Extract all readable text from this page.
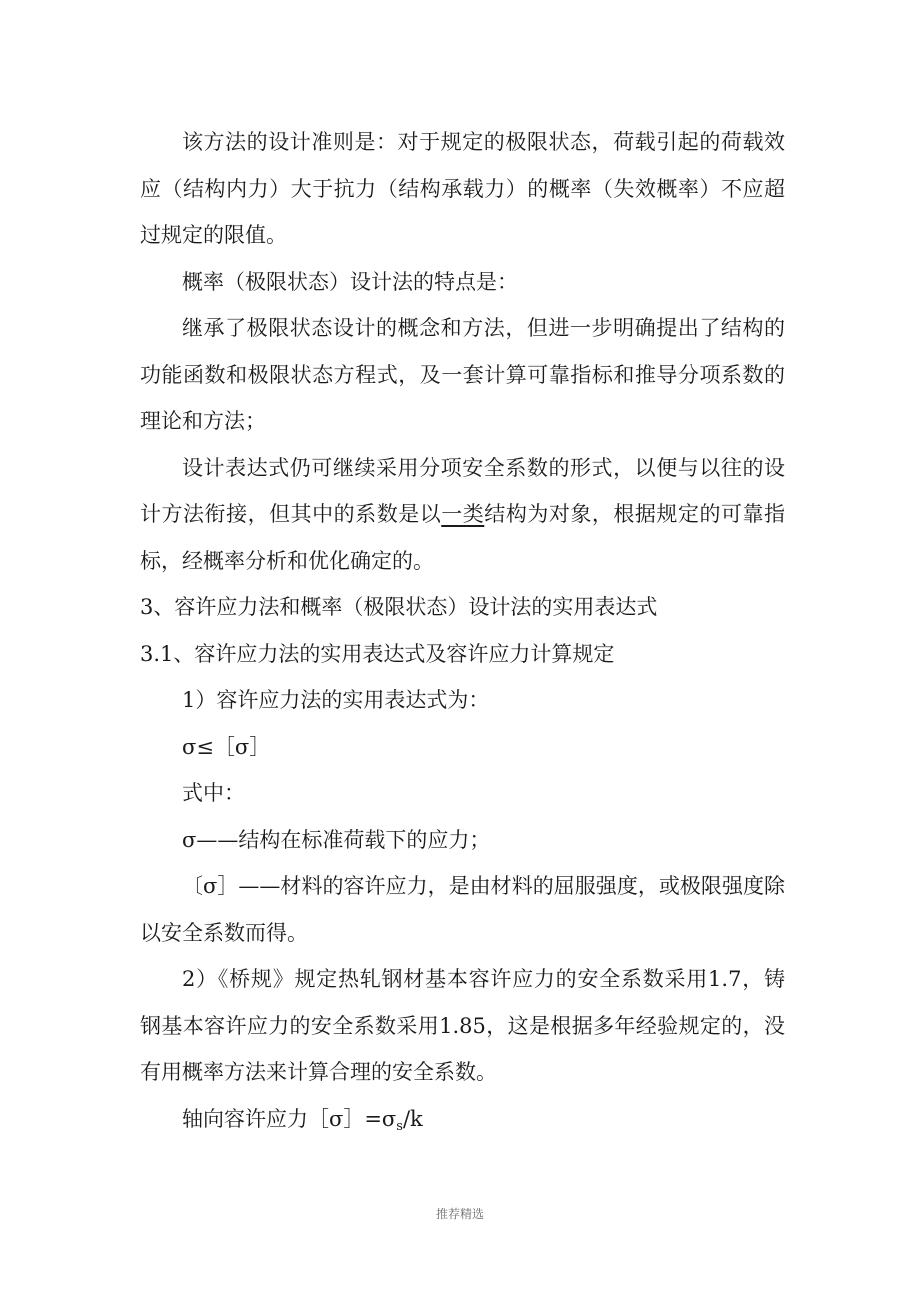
该方法的设计准则是：对于规定的极限状态，荷载引起的荷载效应（结构内力）大于抗力（结构承载力）的概率（失效概率）不应超过规定的限值。

概率（极限状态）设计法的特点是：

继承了极限状态设计的概念和方法，但进一步明确提出了结构的功能函数和极限状态方程式，及一套计算可靠指标和推导分项系数的理论和方法；

设计表达式仍可继续采用分项安全系数的形式，以便与以往的设计方法衔接，但其中的系数是以一类结构为对象，根据规定的可靠指标，经概率分析和优化确定的。

3、容许应力法和概率（极限状态）设计法的实用表达式

3.1、容许应力法的实用表达式及容许应力计算规定

1）容许应力法的实用表达式为：

σ≤［σ］

式中：

σ——结构在标准荷载下的应力；

〔σ］——材料的容许应力，是由材料的屈服强度，或极限强度除以安全系数而得。

2）《桥规》规定热轧钢材基本容许应力的安全系数采用1.7，铸钢基本容许应力的安全系数采用1.85，这是根据多年经验规定的，没有用概率方法来计算合理的安全系数。

轴向容许应力$[\sigma]=\sigma_s/k$

推荐精选
